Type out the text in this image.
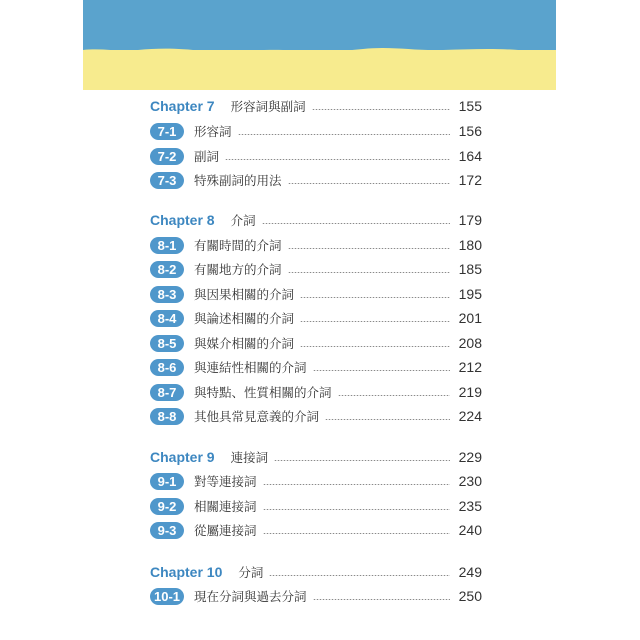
Chapter 7 形容詞與副詞	155
7-1	形容詞	156
7-2	副詞	164
7-3	特殊副詞的用法	172
Chapter 8 介詞	179
8-1	有關時間的介詞	180
8-2	有關地方的介詞	185
8-3	與因果相關的介詞	195
8-4	與論述相關的介詞	201
8-5	與媒介相關的介詞	208
8-6	與連結性相關的介詞	212
8-7	與特點、性質相關的介詞	219
8-8	其他具常見意義的介詞	224
Chapter 9 連接詞	229
9-1	對等連接詞	230
9-2	相關連接詞	235
9-3	從屬連接詞	240
Chapter 10 分詞	249
10-1	現在分詞與過去分詞	250
